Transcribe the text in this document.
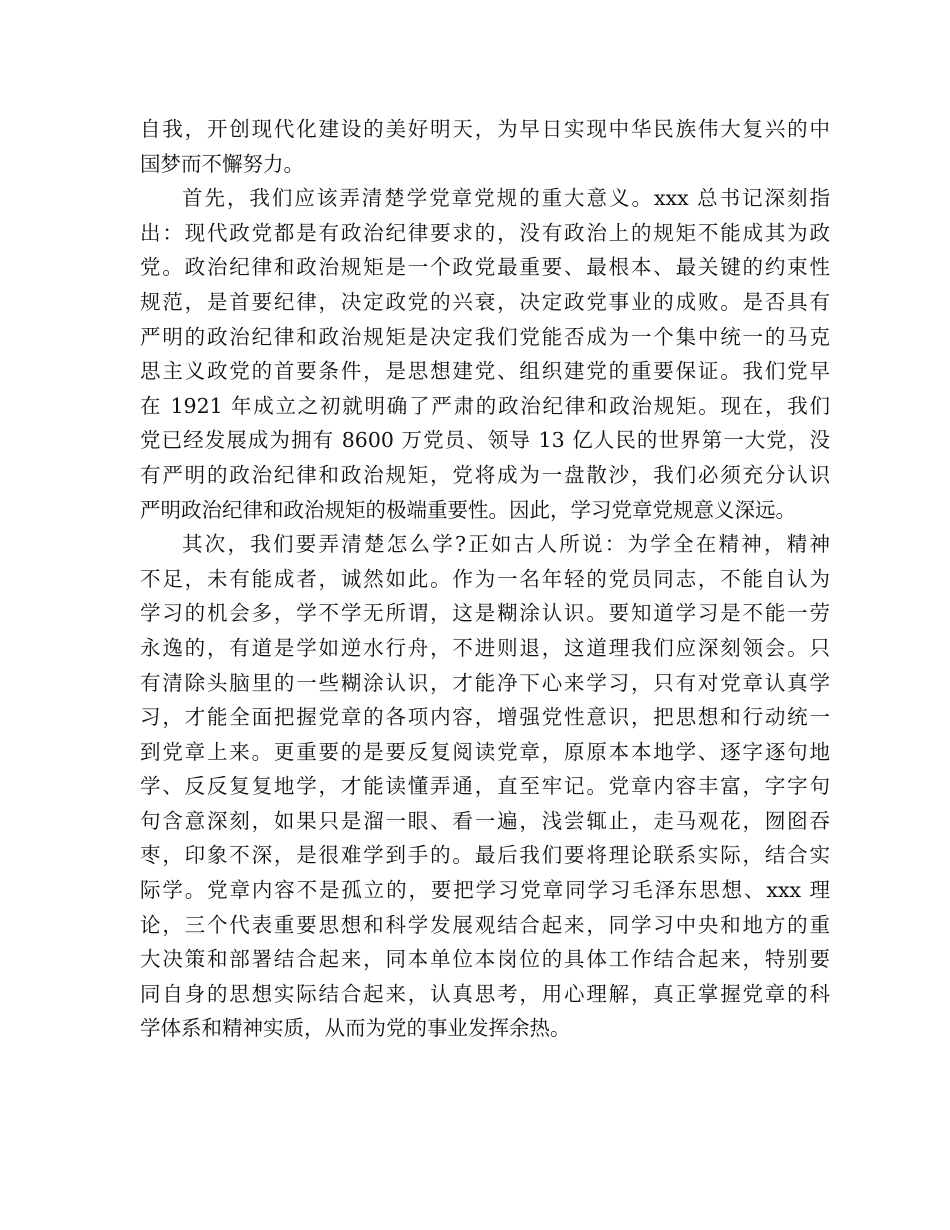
自我，开创现代化建设的美好明天，为早日实现中华民族伟大复兴的中
国梦而不懈努力。
首先，我们应该弄清楚学党章党规的重大意义。xxx 总书记深刻指
出：现代政党都是有政治纪律要求的，没有政治上的规矩不能成其为政
党。政治纪律和政治规矩是一个政党最重要、最根本、最关键的约束性
规范，是首要纪律，决定政党的兴衰，决定政党事业的成败。是否具有
严明的政治纪律和政治规矩是决定我们党能否成为一个集中统一的马克
思主义政党的首要条件，是思想建党、组织建党的重要保证。我们党早
在 1921 年成立之初就明确了严肃的政治纪律和政治规矩。现在，我们
党已经发展成为拥有 8600 万党员、领导 13 亿人民的世界第一大党，没
有严明的政治纪律和政治规矩，党将成为一盘散沙，我们必须充分认识
严明政治纪律和政治规矩的极端重要性。因此，学习党章党规意义深远。
其次，我们要弄清楚怎么学?正如古人所说：为学全在精神，精神
不足，未有能成者，诚然如此。作为一名年轻的党员同志，不能自认为
学习的机会多，学不学无所谓，这是糊涂认识。要知道学习是不能一劳
永逸的，有道是学如逆水行舟，不进则退，这道理我们应深刻领会。只
有清除头脑里的一些糊涂认识，才能净下心来学习，只有对党章认真学
习，才能全面把握党章的各项内容，增强党性意识，把思想和行动统一
到党章上来。更重要的是要反复阅读党章，原原本本地学、逐字逐句地
学、反反复复地学，才能读懂弄通，直至牢记。党章内容丰富，字字句
句含意深刻，如果只是溜一眼、看一遍，浅尝辄止，走马观花，囫囵吞
枣，印象不深，是很难学到手的。最后我们要将理论联系实际，结合实
际学。党章内容不是孤立的，要把学习党章同学习毛泽东思想、xxx 理
论，三个代表重要思想和科学发展观结合起来，同学习中央和地方的重
大决策和部署结合起来，同本单位本岗位的具体工作结合起来，特别要
同自身的思想实际结合起来，认真思考，用心理解，真正掌握党章的科
学体系和精神实质，从而为党的事业发挥余热。
